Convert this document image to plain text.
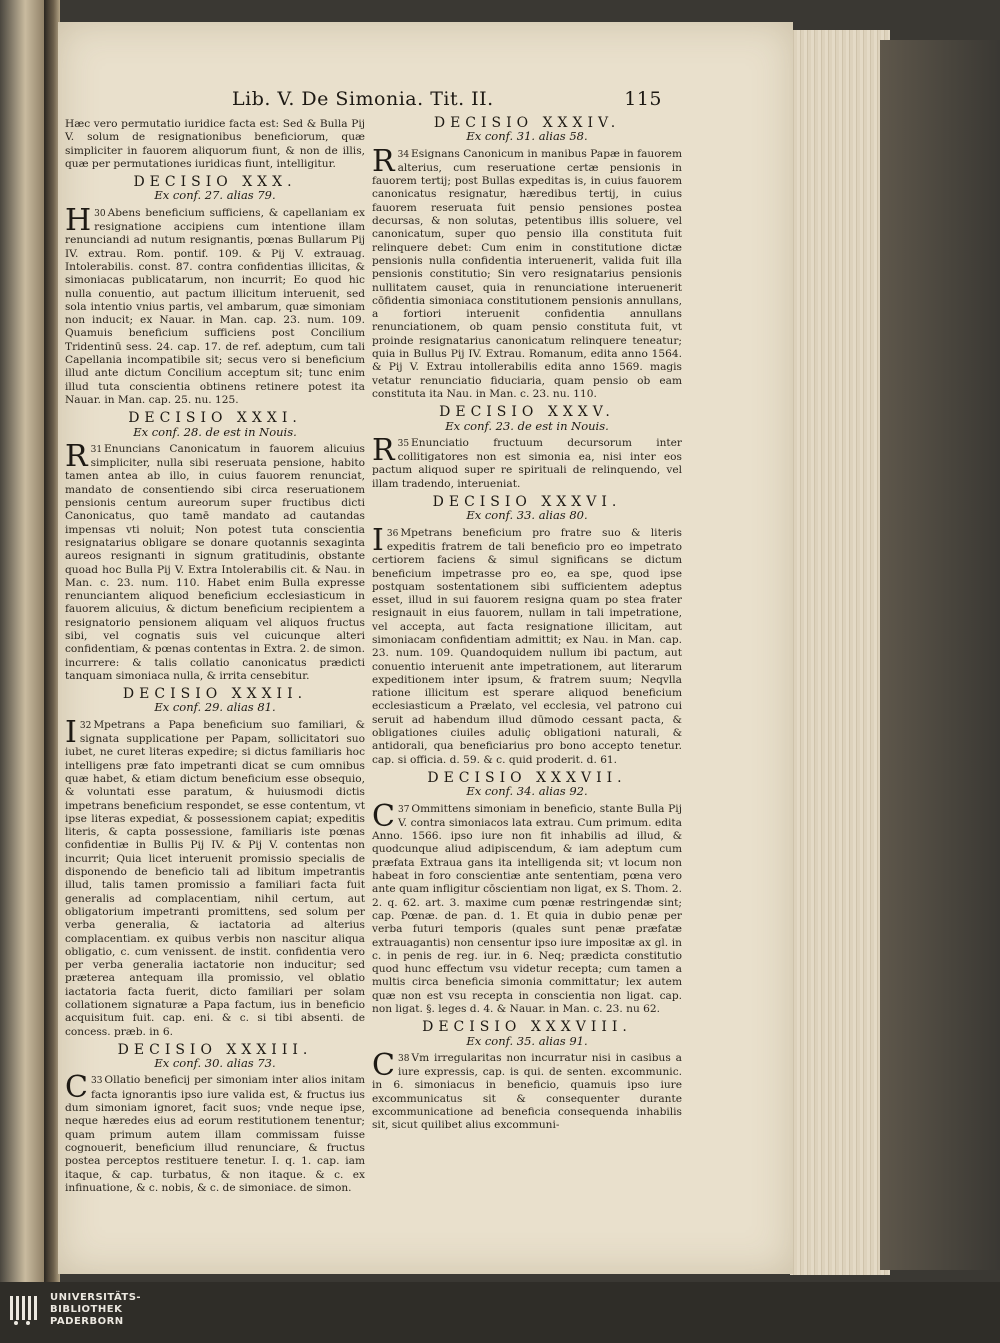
Lib. V. De Simonia. Tit. II.	115

Hæc vero permutatio iuridice facta est: Sed & Bulla Pij V. solum de resignationibus beneficiorum, quæ simpliciter in fauorem aliquorum fiunt, & non de illis, quæ per permutationes iuridicas fiunt, intelligitur.

DECISIO XXX.
Ex conf. 27. alias 79.

30
H Abens beneficium sufficiens, & capellaniam ex resignatione accipiens cum intentione illam renunciandi ad nutum resignantis, pœnas Bullarum Pij IV. extrau. Rom. pontif. 109. & Pij V. extrauag. Intolerabilis. const. 87. contra confidentias illicitas, & simoniacas publicatarum, non incurrit; Eo quod hic nulla conuentio, aut pactum illicitum interuenit, sed sola intentio vnius partis, vel ambarum, quæ simoniam non inducit; ex Nauar. in Man. cap. 23. num. 109. Quamuis beneficium sufficiens post Concilium Tridentinū sess. 24. cap. 17. de ref. adeptum, cum tali Capellania incompatibile sit; secus vero si beneficium illud ante dictum Concilium acceptum sit; tunc enim illud tuta conscientia obtinens retinere potest ita Nauar. in Man. cap. 25. nu. 125.

DECISIO XXXI.
Ex conf. 28. de est in Nouis.

31
R Enuncians Canonicatum in fauorem alicuius simpliciter, nulla sibi reseruata pensione, habito tamen antea ab illo, in cuius fauorem renunciat, mandato de consentiendo sibi circa reseruationem pensionis centum aureorum super fructibus dicti Canonicatus, quo tamē mandato ad cautandas impensas vti noluit; Non potest tuta conscientia resignatarius obligare se donare quotannis sexaginta aureos resignanti in signum gratitudinis, obstante quoad hoc Bulla Pij V. Extra Intolerabilis cit. & Nau. in Man. c. 23. num. 110. Habet enim Bulla expresse renunciantem aliquod beneficium ecclesiasticum in fauorem alicuius, & dictum beneficium recipientem a resignatorio pensionem aliquam vel aliquos fructus sibi, vel cognatis suis vel cuicunque alteri confidentiam, & pœnas contentas in Extra. 2. de simon. incurrere: & talis collatio canonicatus prædicti tanquam simoniaca nulla, & irrita censebitur.

DECISIO XXXII.
Ex conf. 29. alias 81.

32
I Mpetrans a Papa beneficium suo familiari, & signata supplicatione per Papam, sollicitatori suo iubet, ne curet literas expedire; si dictus familiaris hoc intelligens præ fato impetranti dicat se cum omnibus quæ habet, & etiam dictum beneficium esse obsequio, & voluntati esse paratum, & huiusmodi dictis impetrans beneficium respondet, se esse contentum, vt ipse literas expediat, & possessionem capiat; expeditis literis, & capta possessione, familiaris iste pœnas confidentiæ in Bullis Pij IV. & Pij V. contentas non incurrit; Quia licet interuenit promissio specialis de disponendo de beneficio tali ad libitum impetrantis illud, talis tamen promissio a familiari facta fuit generalis ad complacentiam, nihil certum, aut obligatorium impetranti promittens, sed solum per verba generalia, & iactatoria ad alterius complacentiam. ex quibus verbis non nascitur aliqua obligatio, c. cum venissent. de instit. confidentia vero per verba generalia iactatorie non inducitur; sed præterea antequam illa promissio, vel oblatio iactatoria facta fuerit, dicto familiari per solam collationem signaturæ a Papa factum, ius in beneficio acquisitum fuit. cap. eni. & c. si tibi absenti. de concess. præb. in 6.

DECISIO XXXIII.
Ex conf. 30. alias 73.

33
C Ollatio beneficij per simoniam inter alios initam facta ignorantis ipso iure valida est, & fructus ius dum simoniam ignoret, facit suos; vnde neque ipse, neque hæredes eius ad eorum restitutionem tenentur; quam primum autem illam commissam fuisse cognouerit, beneficium illud renunciare, & fructus postea perceptos restituere tenetur. I. q. 1. cap. iam itaque, & cap. turbatus, & non itaque. & c. ex infinuatione, & c. nobis, & c. de simoniace. de simon.

DECISIO XXXIV.
Ex conf. 31. alias 58.

34
R Esignans Canonicum in manibus Papæ in fauorem alterius, cum reseruatione certæ pensionis in fauorem tertij; post Bullas expeditas is, in cuius fauorem canonicatus resignatur, hæredibus tertij, in cuius fauorem reseruata fuit pensio pensiones postea decursas, & non solutas, petentibus illis soluere, vel canonicatum, super quo pensio illa constituta fuit relinquere debet: Cum enim in constitutione dictæ pensionis nulla confidentia interuenerit, valida fuit illa pensionis constitutio; Sin vero resignatarius pensionis nullitatem causet, quia in renunciatione interuenerit cōfidentia simoniaca constitutionem pensionis annullans, a fortiori interuenit confidentia annullans renunciationem, ob quam pensio constituta fuit, vt proinde resignatarius canonicatum relinquere teneatur; quia in Bullus Pij IV. Extrau. Romanum, edita anno 1564. & Pij V. Extrau intollerabilis edita anno 1569. magis vetatur renunciatio fiduciaria, quam pensio ob eam constituta ita Nau. in Man. c. 23. nu. 110.

DECISIO XXXV.
Ex conf. 23. de est in Nouis.

35
R Enunciatio fructuum decursorum inter collitigatores non est simonia ea, nisi inter eos pactum aliquod super re spirituali de relinquendo, vel illam tradendo, interueniat.

DECISIO XXXVI.
Ex conf. 33. alias 80.

36
I Mpetrans beneficium pro fratre suo & literis expeditis fratrem de tali beneficio pro eo impetrato certiorem faciens & simul significans se dictum beneficium impetrasse pro eo, ea spe, quod ipse postquam sostentationem sibi sufficientem adeptus esset, illud in sui fauorem resigna quam po stea frater resignauit in eius fauorem, nullam in tali impetratione, vel accepta, aut facta resignatione illicitam, aut simoniacam confidentiam admittit; ex Nau. in Man. cap. 23. num. 109. Quandoquidem nullum ibi pactum, aut conuentio interuenit ante impetrationem, aut literarum expeditionem inter ipsum, & fratrem suum; Neqvlla ratione illicitum est sperare aliquod beneficium ecclesiasticum a Prælato, vel ecclesia, vel patrono cui seruit ad habendum illud dūmodo cessant pacta, & obligationes ciuiles aduliç obligationi naturali, & antidorali, qua beneficiarius pro bono accepto tenetur. cap. si officia. d. 59. & c. quid proderit. d. 61.

DECISIO XXXVII.
Ex conf. 34. alias 92.

37
C Ommittens simoniam in beneficio, stante Bulla Pij V. contra simoniacos lata extrau. Cum primum. edita Anno. 1566. ipso iure non fit inhabilis ad illud, & quodcunque aliud adipiscendum, & iam adeptum cum præfata Extraua gans ita intelligenda sit; vt locum non habeat in foro conscientiæ ante sententiam, pœna vero ante quam infligitur cōscientiam non ligat, ex S. Thom. 2. 2. q. 62. art. 3. maxime cum pœnæ restringendæ sint; cap. Pœnæ. de pan. d. 1. Et quia in dubio penæ per verba futuri temporis (quales sunt penæ præfatæ extrauagantis) non censentur ipso iure impositæ ax gl. in c. in penis de reg. iur. in 6. Neq; prædicta constitutio quod hunc effectum vsu videtur recepta; cum tamen a multis circa beneficia simonia committatur; lex autem quæ non est vsu recepta in conscientia non ligat. cap. non ligat. §. leges d. 4. & Nauar. in Man. c. 23. nu 62.

DECISIO XXXVIII.
Ex conf. 35. alias 91.

38
C Vm irregularitas non incurratur nisi in casibus a iure expressis, cap. is qui. de senten. excommunic. in 6. simoniacus in beneficio, quamuis ipso iure excommunicatus sit & consequenter durante excommunicatione ad beneficia consequenda inhabilis sit, sicut quilibet alius excommuni-

UNIVERSITÄTS-
BIBLIOTHEK
PADERBORN
